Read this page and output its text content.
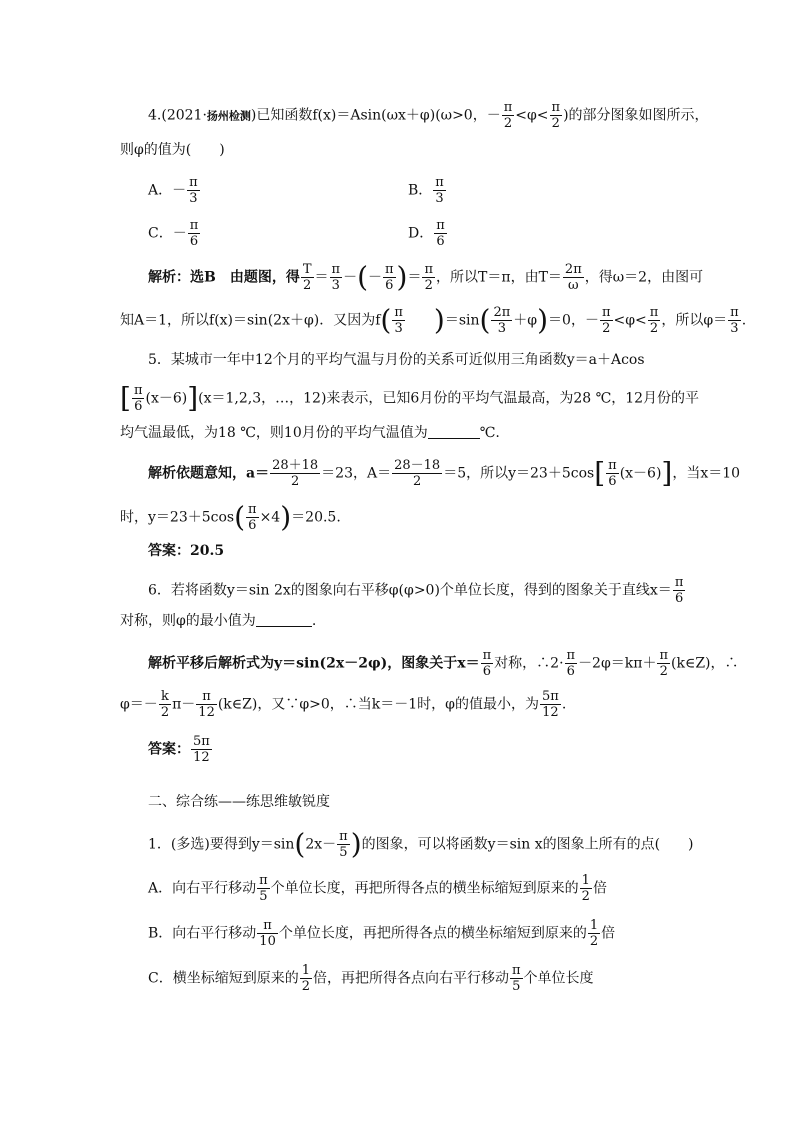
4.(2021·扬州检测)已知函数f(x)＝Asin(ωx＋φ)(ω>0，－ $\frac{\pi}{2} <\varphi< \frac{\pi}{2}$ )的部分图象如图所示，
则φ的值为(　　)
A．－ $\frac{\pi}{3}$	B． $\frac{\pi}{3}$
C．－ $\frac{\pi}{6}$	D． $\frac{\pi}{6}$
解析：选B　由题图，得 $\frac{T}{2} = \frac{\pi}{3}$ －(－ $\frac{\pi}{6}$ )＝ $\frac{\pi}{2}$ ，所以T＝π，由$T= \frac{2\pi}{\omega}$ ，得ω＝2，由图可
知A＝1，所以f(x)＝sin(2x＋φ)．又因为$f( \frac{\pi}{3} )=\sin( \frac{2\pi}{3} +\varphi)=0$，－ $\frac{\pi}{2} <\varphi< \frac{\pi}{2}$ ，所以$\varphi= \frac{\pi}{3}$ .
5．某城市一年中12个月的平均气温与月份的关系可近似用三角函数y＝a＋Acos
[ $\frac{\pi}{6} (x-6)](x=1,2,3$，…，12)来表示，已知6月份的平均气温最高，为28 ℃，12月份的平
均气温最低，为18 ℃，则10月份的平均气温值为	℃.
解析依题意知，$a= \frac{28+18}{2} =23$，$A= \frac{28-18}{2} =5$，所以$y=23+5\cos[ \frac{\pi}{6} (x-6)]$，当x＝10
时，$y=23+5\cos( \frac{\pi}{6} \times 4)=20.5$.
答案：20.5
6．若将函数y＝sin 2x的图象向右平移φ(φ>0)个单位长度，得到的图象关于直线$x= \frac{\pi}{6}$
对称，则φ的最小值为	.
解析平移后解析式为y＝sin(2x－2φ)，图象关于$x= \frac{\pi}{6}$ 对称，∴2· $\frac{\pi}{6} -2\varphi=k\pi+ \frac{\pi}{2}$ (k∈Z)，∴
$\varphi=- \frac{k}{2} \pi- \frac{\pi}{12}$ (k∈Z)，又∵φ>0，∴当k＝－1时，φ的值最小，为 $\frac{5\pi}{12}$ .
答案： $\frac{5\pi}{12}$
二、综合练——练思维敏锐度
1．(多选)要得到$y=\sin(2x- \frac{\pi}{5}$ )的图象，可以将函数y＝sin x的图象上所有的点(　　)
A．向右平行移动 $\frac{\pi}{5}$ 个单位长度，再把所得各点的横坐标缩短到原来的 $\frac{1}{2}$ 倍
B．向右平行移动 $\frac{\pi}{10}$ 个单位长度，再把所得各点的横坐标缩短到原来的 $\frac{1}{2}$ 倍
C．横坐标缩短到原来的 $\frac{1}{2}$ 倍，再把所得各点向右平行移动 $\frac{\pi}{5}$ 个单位长度
